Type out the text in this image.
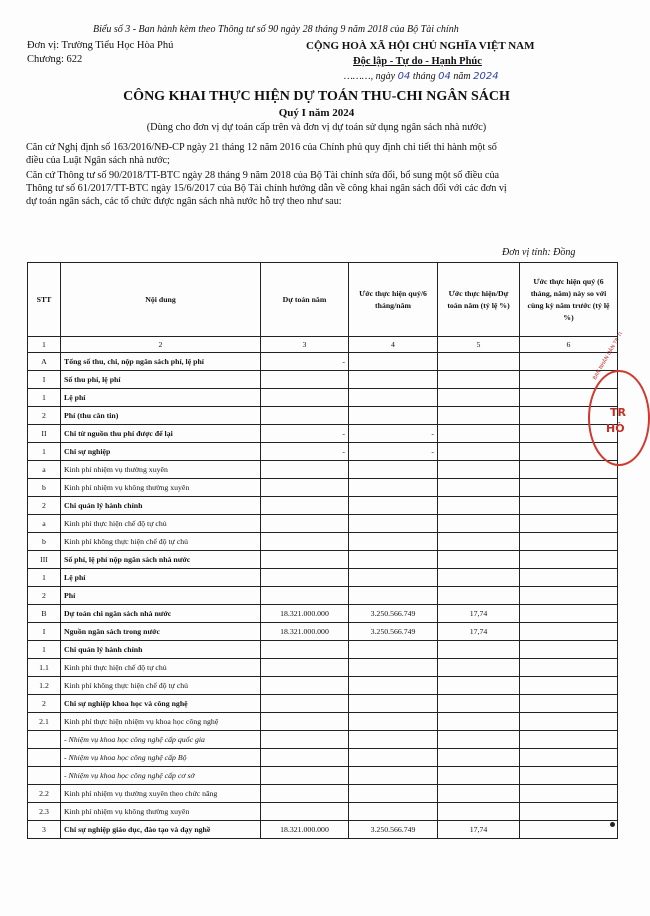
Biểu số 3 - Ban hành kèm theo Thông tư số 90 ngày 28 tháng 9 năm 2018 của Bộ Tài chính
Đơn vị: Trường Tiểu Học Hòa Phú
Chương: 622
CỘNG HOÀ XÃ HỘI CHỦ NGHĨA VIỆT NAM
Độc lập - Tự do - Hạnh Phúc
………, ngày 04 tháng 04 năm 2024
CÔNG KHAI THỰC HIỆN DỰ TOÁN THU-CHI NGÂN SÁCH
Quý I năm 2024
(Dùng cho đơn vị dự toán cấp trên và đơn vị dự toán sử dụng ngân sách nhà nước)
Căn cứ Nghị định số 163/2016/NĐ-CP ngày 21 tháng 12 năm 2016 của Chính phủ quy định chi tiết thi hành một số
điều của Luật Ngân sách nhà nước;
Căn cứ Thông tư số 90/2018/TT-BTC ngày 28 tháng 9 năm 2018 của Bộ Tài chính sửa đổi, bổ sung một số điều của
Thông tư số 61/2017/TT-BTC ngày 15/6/2017 của Bộ Tài chính hướng dẫn về công khai ngân sách đối với các đơn vị
dự toán ngân sách, các tổ chức được ngân sách nhà nước hỗ trợ theo như sau:
Đơn vị tính: Đồng
STT	Nội dung	Dự toán năm	Ước thực hiện quý/6 tháng/năm	Ước thực hiện/Dự toán năm (tỷ lệ %)	Ước thực hiện quý (6 tháng, năm) này so với cùng kỳ năm trước (tỷ lệ %)
1	2	3	4	5	6
A	Tổng số thu, chi, nộp ngân sách phí, lệ phí	-			
I	Số thu phí, lệ phí				
1	Lệ phí				
2	Phí (thu căn tin)				
II	Chi từ nguồn thu phí được để lại	-	-		
1	Chi sự nghiệp	-	-		
a	Kinh phí nhiệm vụ thường xuyên				
b	Kinh phí nhiệm vụ không thường xuyên				
2	Chi quản lý hành chính				
a	Kinh phí thực hiện chế độ tự chủ				
b	Kinh phí không thực hiện chế độ tự chủ				
III	Số phí, lệ phí nộp ngân sách nhà nước				
1	Lệ phí				
2	Phí				
B	Dự toán chi ngân sách nhà nước	18.321.000.000	3.250.566.749	17,74	
I	Nguồn ngân sách trong nước	18.321.000.000	3.250.566.749	17,74	
1	Chi quản lý hành chính				
1.1	Kinh phí thực hiện chế độ tự chủ				
1.2	Kinh phí không thực hiện chế độ tự chủ				
2	Chi sự nghiệp khoa học và công nghệ				
2.1	Kinh phí thực hiện nhiệm vụ khoa học công nghệ				
	- Nhiệm vụ khoa học công nghệ cấp quốc gia				
	- Nhiệm vụ khoa học công nghệ cấp Bộ				
	- Nhiệm vụ khoa học công nghệ cấp cơ sở				
2.2	Kinh phí nhiệm vụ thường xuyên theo chức năng				
2.3	Kinh phí nhiệm vụ không thường xuyên				
3	Chi sự nghiệp giáo dục, đào tạo và dạy nghề	18.321.000.000	3.250.566.749	17,74	
BAN NHÂN DÂN TP. TI
TR
HÒ
